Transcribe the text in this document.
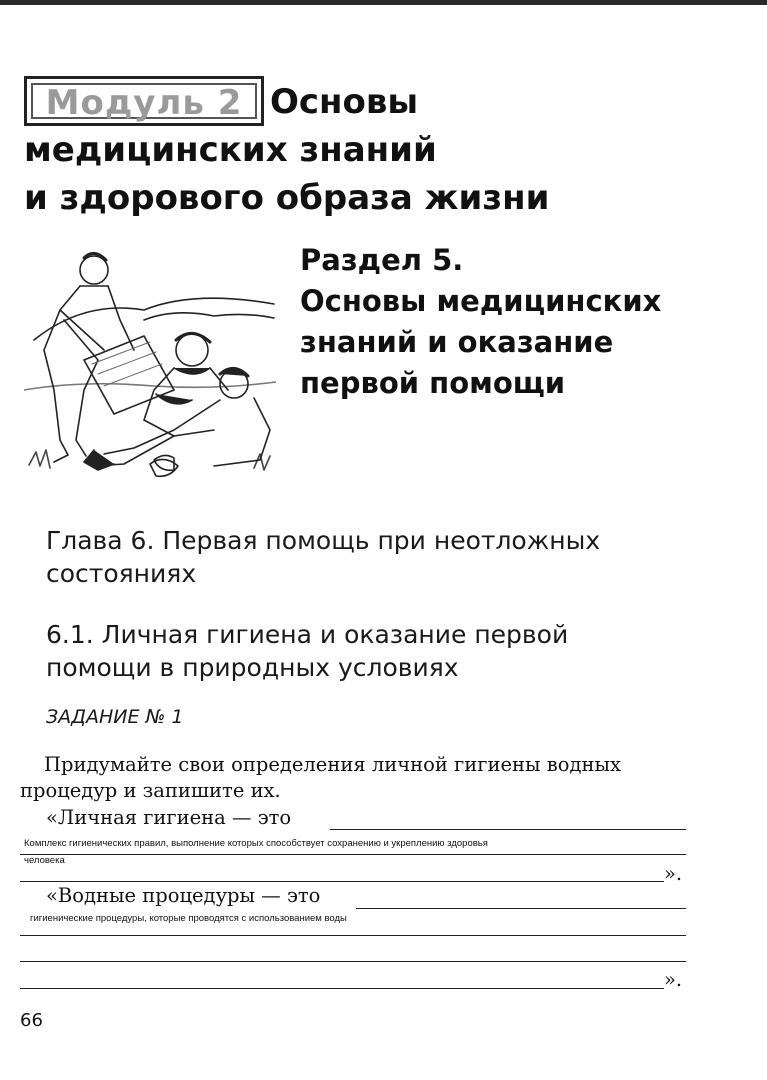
Модуль 2 Основы
медицинских знаний
и здорового образа жизни
Раздел 5.
Основы медицинских
знаний и оказание
первой помощи
Глава 6. Первая помощь при неотложных
состояниях
6.1. Личная гигиена и оказание первой
помощи в природных условиях
ЗАДАНИЕ № 1
Придумайте свои определения личной гигиены водных
процедур и запишите их.
«Личная гигиена — это
Комплекс гигиенических правил, выполнение которых способствует сохранению и укреплению здоровья
человека
».
«Водные процедуры — это
гигиенические процедуры, которые проводятся с использованием воды
».
66
